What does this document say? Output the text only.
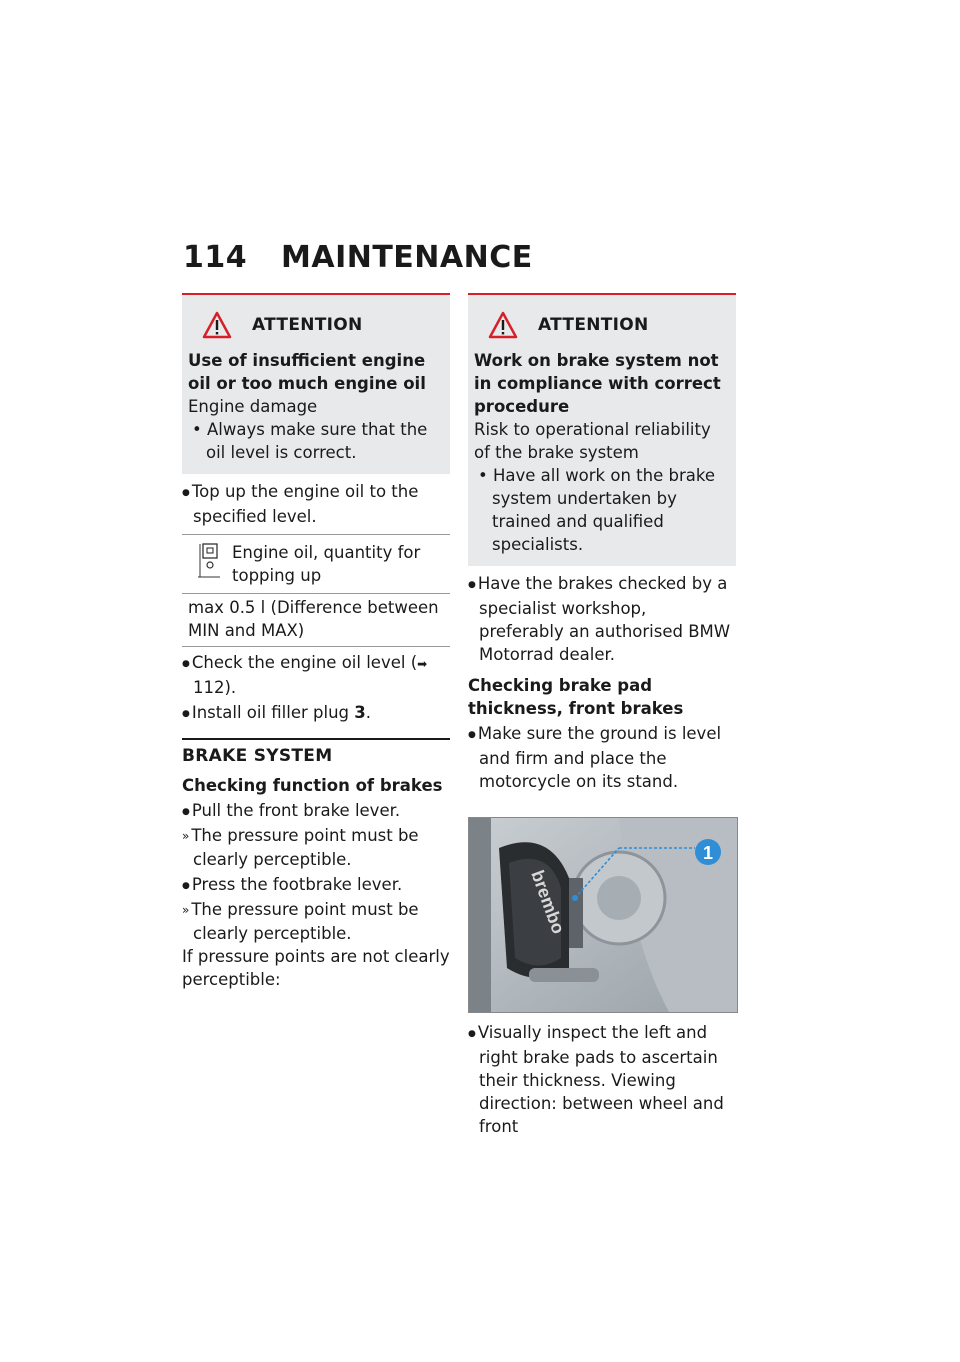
114 MAINTENANCE
ATTENTION
Use of insufficient engine oil or too much engine oil
Engine damage
• Always make sure that the oil level is correct.
● Top up the engine oil to the specified level.
Engine oil, quantity for topping up
max 0.5 l (Difference between MIN and MAX)
● Check the engine oil level (➡ 112).
● Install oil filler plug 3.
BRAKE SYSTEM
Checking function of brakes
● Pull the front brake lever.
» The pressure point must be clearly perceptible.
● Press the footbrake lever.
» The pressure point must be clearly perceptible.
If pressure points are not clearly perceptible:
ATTENTION
Work on brake system not in compliance with correct procedure
Risk to operational reliability of the brake system
• Have all work on the brake system undertaken by trained and qualified specialists.
● Have the brakes checked by a specialist workshop, preferably an authorised BMW Motorrad dealer.
Checking brake pad thickness, front brakes
● Make sure the ground is level and firm and place the motorcycle on its stand.
brembo
1
● Visually inspect the left and right brake pads to ascertain their thickness. Viewing direction: between wheel and front
